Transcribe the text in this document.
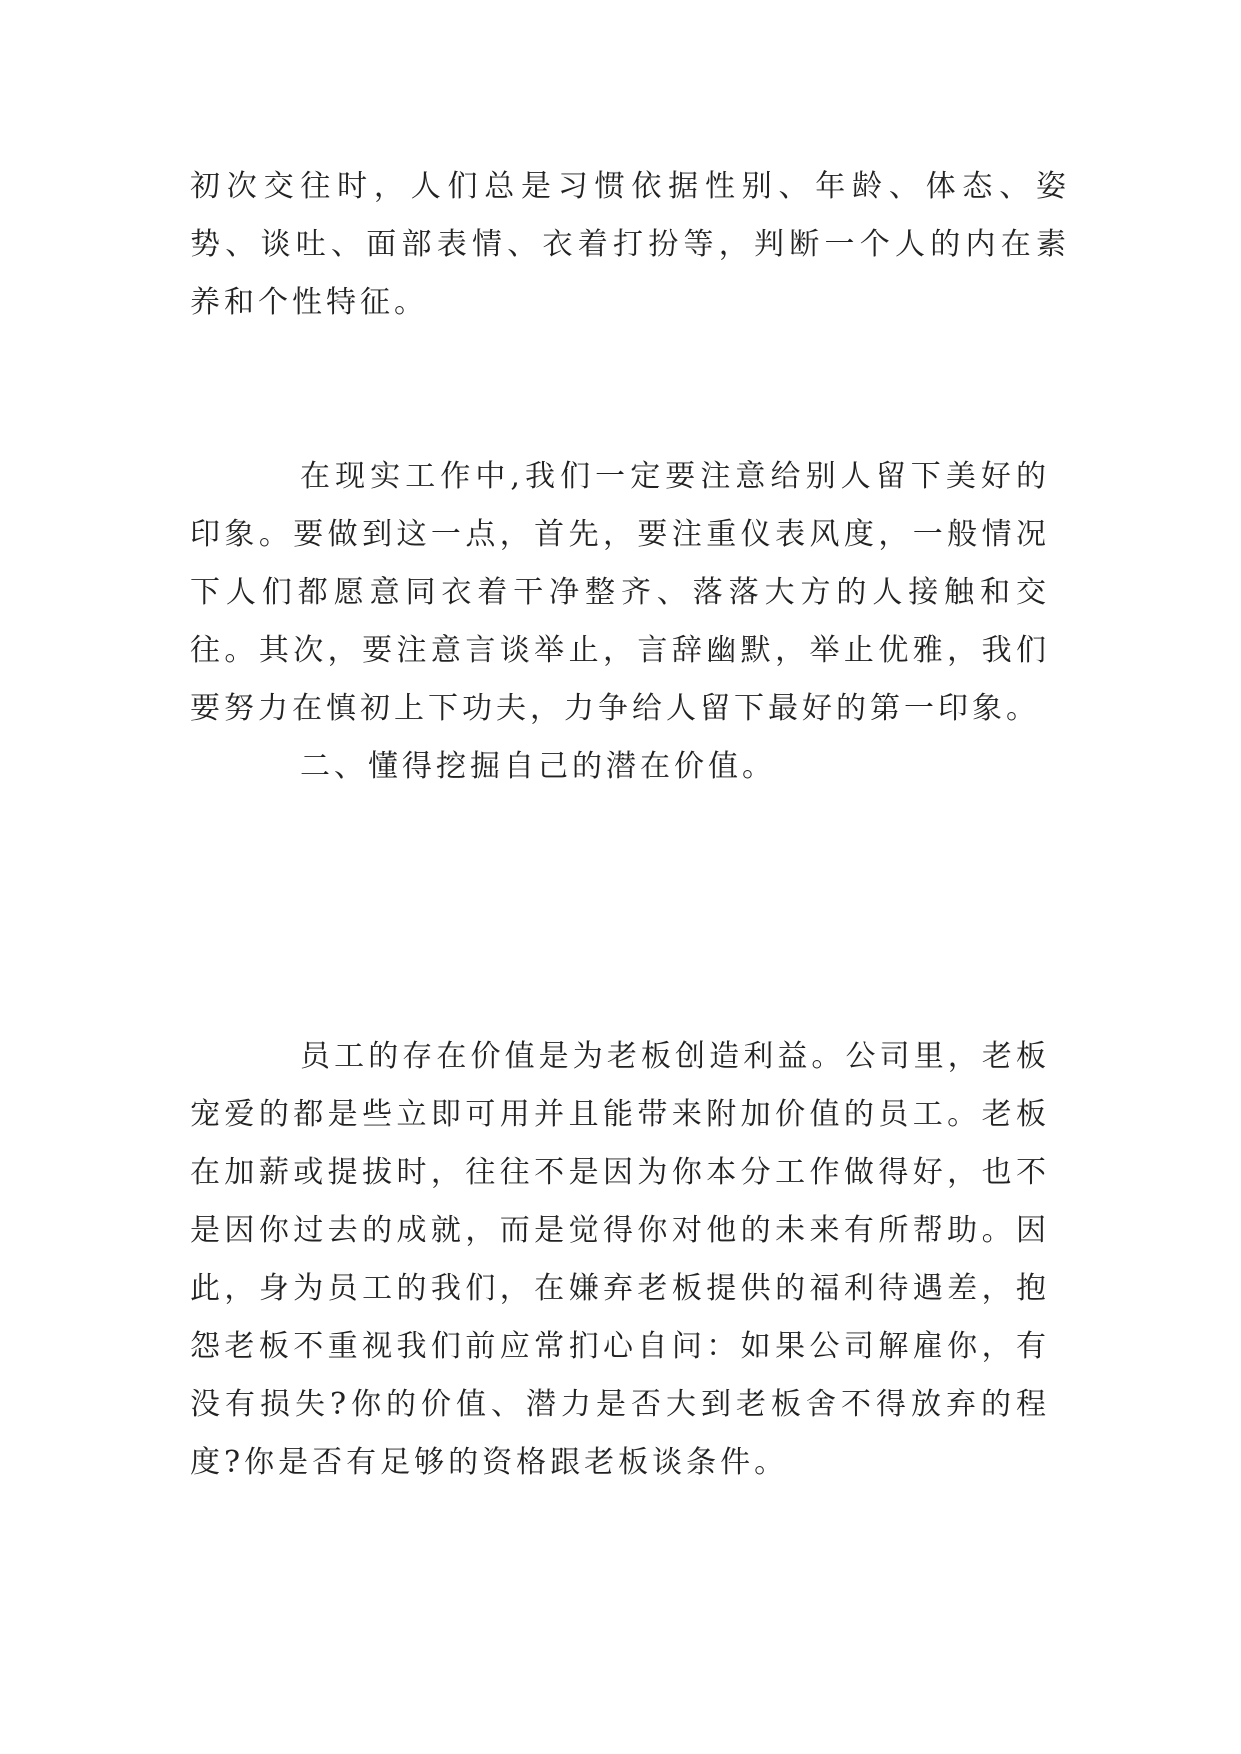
初次交往时，人们总是习惯依据性别、年龄、体态、姿势、谈吐、面部表情、衣着打扮等，判断一个人的内在素养和个性特征。

在现实工作中,我们一定要注意给别人留下美好的印象。要做到这一点，首先，要注重仪表风度，一般情况下人们都愿意同衣着干净整齐、落落大方的人接触和交往。其次，要注意言谈举止，言辞幽默，举止优雅，我们要努力在慎初上下功夫，力争给人留下最好的第一印象。

二、懂得挖掘自己的潜在价值。

员工的存在价值是为老板创造利益。公司里，老板宠爱的都是些立即可用并且能带来附加价值的员工。老板在加薪或提拔时，往往不是因为你本分工作做得好，也不是因你过去的成就，而是觉得你对他的未来有所帮助。因此，身为员工的我们，在嫌弃老板提供的福利待遇差，抱怨老板不重视我们前应常扪心自问：如果公司解雇你，有没有损失?你的价值、潜力是否大到老板舍不得放弃的程度?你是否有足够的资格跟老板谈条件。
